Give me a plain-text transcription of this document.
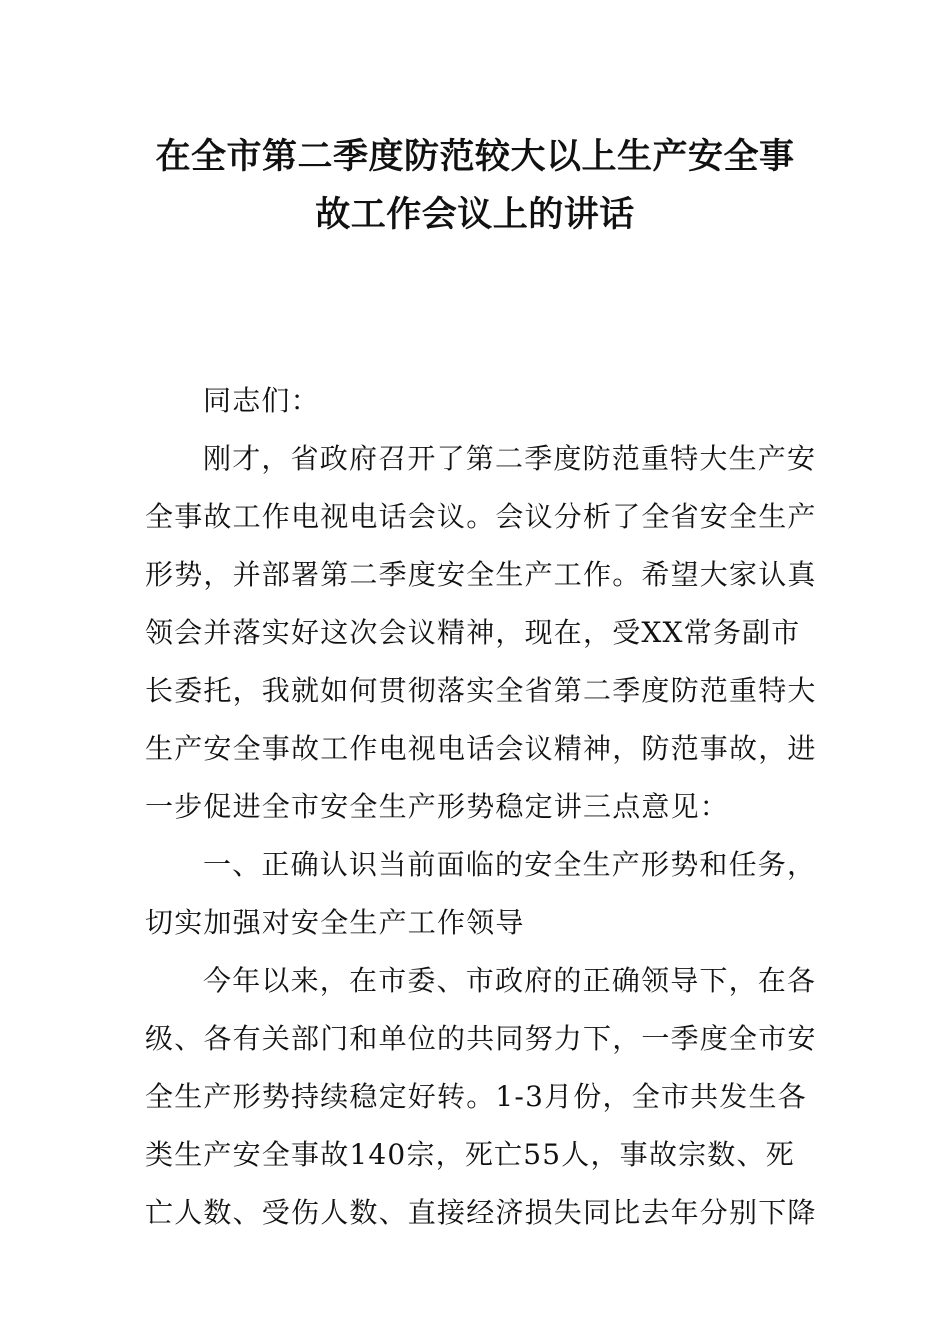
在全市第二季度防范较大以上生产安全事
故工作会议上的讲话
同志们：
刚才，省政府召开了第二季度防范重特大生产安
全事故工作电视电话会议。会议分析了全省安全生产
形势，并部署第二季度安全生产工作。希望大家认真
领会并落实好这次会议精神，现在，受XX常务副市
长委托，我就如何贯彻落实全省第二季度防范重特大
生产安全事故工作电视电话会议精神，防范事故，进
一步促进全市安全生产形势稳定讲三点意见：
一、正确认识当前面临的安全生产形势和任务，
切实加强对安全生产工作领导
今年以来，在市委、市政府的正确领导下，在各
级、各有关部门和单位的共同努力下，一季度全市安
全生产形势持续稳定好转。1-3月份，全市共发生各
类生产安全事故140宗，死亡55人，事故宗数、死
亡人数、受伤人数、直接经济损失同比去年分别下降
